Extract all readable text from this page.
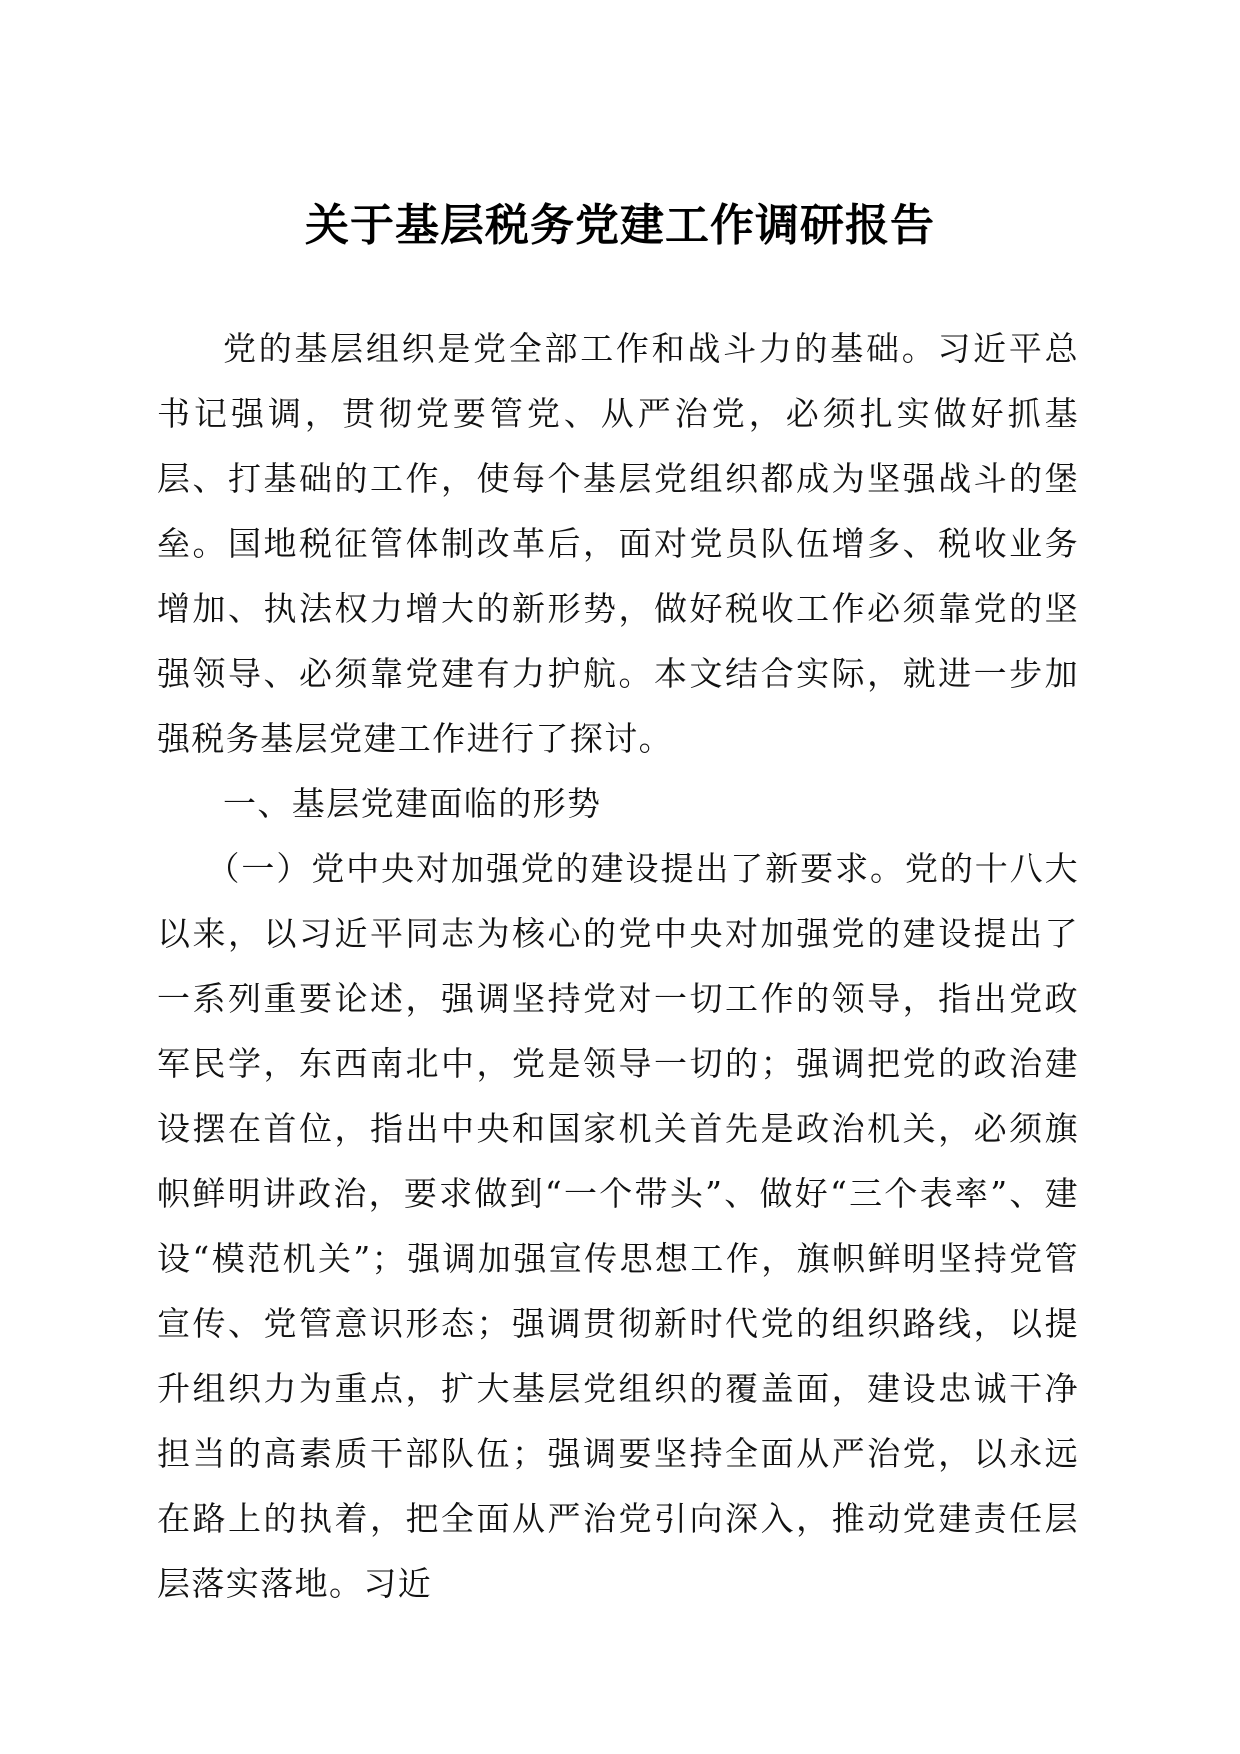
关于基层税务党建工作调研报告

党的基层组织是党全部工作和战斗力的基础。习近平总书记强调，贯彻党要管党、从严治党，必须扎实做好抓基层、打基础的工作，使每个基层党组织都成为坚强战斗的堡垒。国地税征管体制改革后，面对党员队伍增多、税收业务增加、执法权力增大的新形势，做好税收工作必须靠党的坚强领导、必须靠党建有力护航。本文结合实际，就进一步加强税务基层党建工作进行了探讨。

一、基层党建面临的形势

（一）党中央对加强党的建设提出了新要求。党的十八大以来，以习近平同志为核心的党中央对加强党的建设提出了一系列重要论述，强调坚持党对一切工作的领导，指出党政军民学，东西南北中，党是领导一切的；强调把党的政治建设摆在首位，指出中央和国家机关首先是政治机关，必须旗帜鲜明讲政治，要求做到“一个带头”、做好“三个表率”、建设“模范机关”；强调加强宣传思想工作，旗帜鲜明坚持党管宣传、党管意识形态；强调贯彻新时代党的组织路线，以提升组织力为重点，扩大基层党组织的覆盖面，建设忠诚干净担当的高素质干部队伍；强调要坚持全面从严治党，以永远在路上的执着，把全面从严治党引向深入，推动党建责任层层落实落地。习近
